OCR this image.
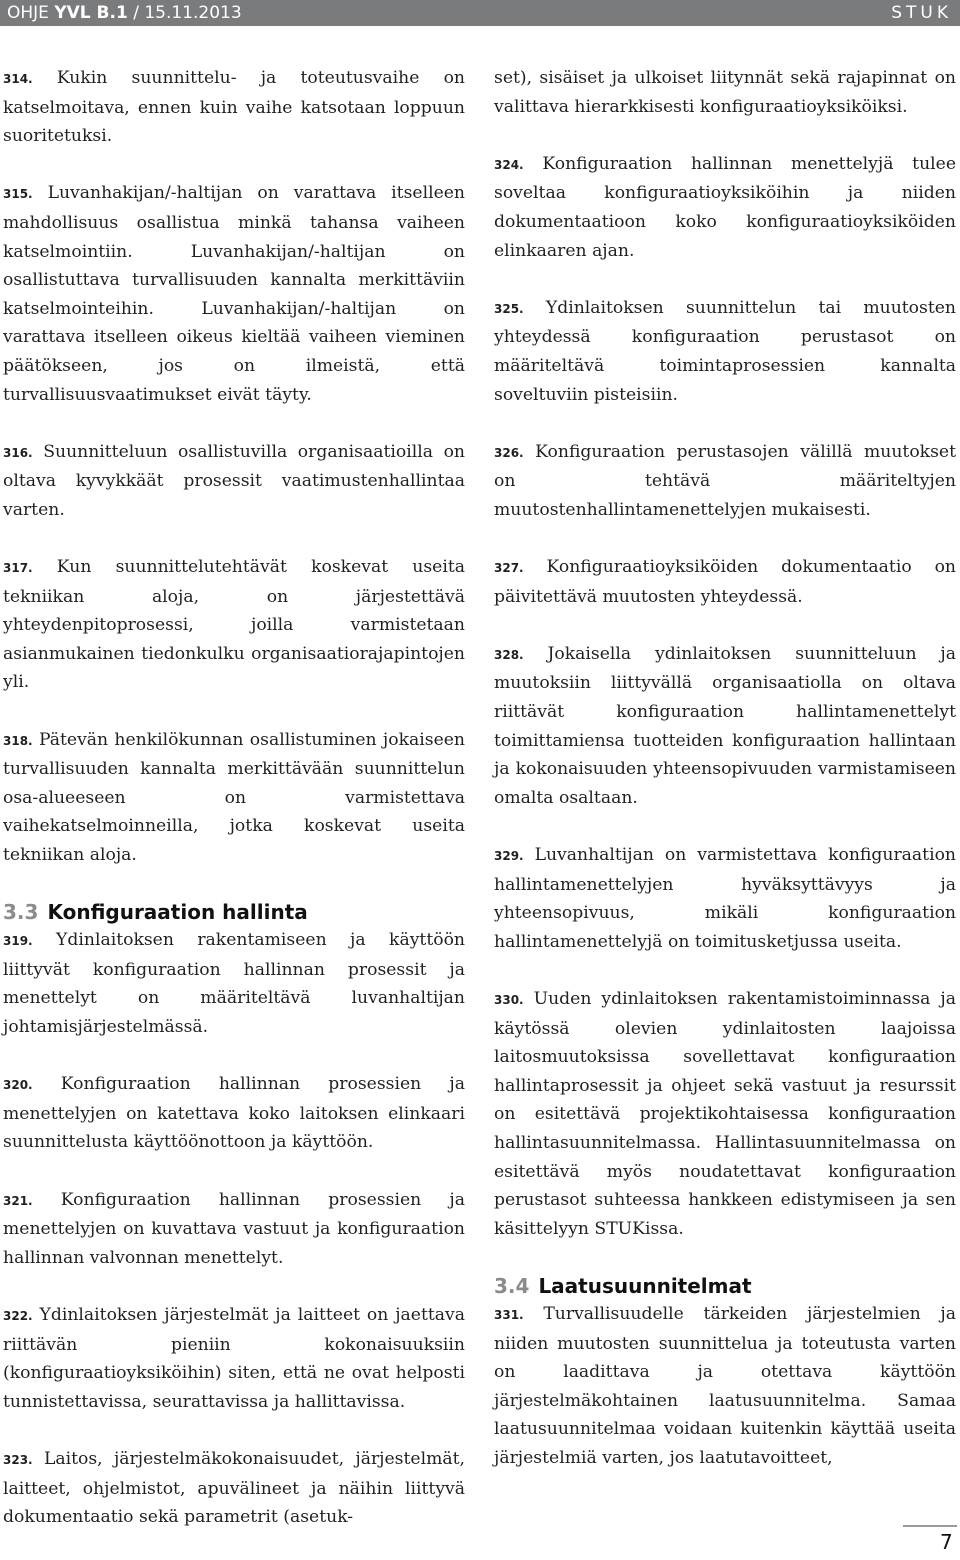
OHJE YVL B.1 / 15.11.2013	STUK

314. Kukin suunnittelu- ja toteutusvaihe on katselmoitava, ennen kuin vaihe katsotaan loppuun suoritetuksi.

315. Luvanhakijan/-haltijan on varattava itselleen mahdollisuus osallistua minkä tahansa vaiheen katselmointiin. Luvanhakijan/-haltijan on osallistuttava turvallisuuden kannalta merkittäviin katselmointeihin. Luvanhakijan/-haltijan on varattava itselleen oikeus kieltää vaiheen vieminen päätökseen, jos on ilmeistä, että turvallisuusvaatimukset eivät täyty.

316. Suunnitteluun osallistuvilla organisaatioilla on oltava kyvykkäät prosessit vaatimustenhallintaa varten.

317. Kun suunnittelutehtävät koskevat useita tekniikan aloja, on järjestettävä yhteydenpitoprosessi, joilla varmistetaan asianmukainen tiedonkulku organisaatiorajapintojen yli.

318. Pätevän henkilökunnan osallistuminen jokaiseen turvallisuuden kannalta merkittävään suunnittelun osa-alueeseen on varmistettava vaihekatselmoinneilla, jotka koskevat useita tekniikan aloja.

3.3 Konfiguraation hallinta

319. Ydinlaitoksen rakentamiseen ja käyttöön liittyvät konfiguraation hallinnan prosessit ja menettelyt on määriteltävä luvanhaltijan johtamisjärjestelmässä.

320. Konfiguraation hallinnan prosessien ja menettelyjen on katettava koko laitoksen elinkaari suunnittelusta käyttöönottoon ja käyttöön.

321. Konfiguraation hallinnan prosessien ja menettelyjen on kuvattava vastuut ja konfiguraation hallinnan valvonnan menettelyt.

322. Ydinlaitoksen järjestelmät ja laitteet on jaettava riittävän pieniin kokonaisuuksiin (konfiguraatioyksiköihin) siten, että ne ovat helposti tunnistettavissa, seurattavissa ja hallittavissa.

323. Laitos, järjestelmäkokonaisuudet, järjestelmät, laitteet, ohjelmistot, apuvälineet ja näihin liittyvä dokumentaatio sekä parametrit (asetuk-

set), sisäiset ja ulkoiset liitynnät sekä rajapinnat on valittava hierarkkisesti konfiguraatioyksiköiksi.

324. Konfiguraation hallinnan menettelyjä tulee soveltaa konfiguraatioyksiköihin ja niiden dokumentaatioon koko konfiguraatioyksiköiden elinkaaren ajan.

325. Ydinlaitoksen suunnittelun tai muutosten yhteydessä konfiguraation perustasot on määriteltävä toimintaprosessien kannalta soveltuviin pisteisiin.

326. Konfiguraation perustasojen välillä muutokset on tehtävä määriteltyjen muutostenhallintamenettelyjen mukaisesti.

327. Konfiguraatioyksiköiden dokumentaatio on päivitettävä muutosten yhteydessä.

328. Jokaisella ydinlaitoksen suunnitteluun ja muutoksiin liittyvällä organisaatiolla on oltava riittävät konfiguraation hallintamenettelyt toimittamiensa tuotteiden konfiguraation hallintaan ja kokonaisuuden yhteensopivuuden varmistamiseen omalta osaltaan.

329. Luvanhaltijan on varmistettava konfiguraation hallintamenettelyjen hyväksyttävyys ja yhteensopivuus, mikäli konfiguraation hallintamenettelyjä on toimitusketjussa useita.

330. Uuden ydinlaitoksen rakentamistoiminnassa ja käytössä olevien ydinlaitosten laajoissa laitosmuutoksissa sovellettavat konfiguraation hallintaprosessit ja ohjeet sekä vastuut ja resurssit on esitettävä projektikohtaisessa konfiguraation hallintasuunnitelmassa. Hallintasuunnitelmassa on esitettävä myös noudatettavat konfiguraation perustasot suhteessa hankkeen edistymiseen ja sen käsittelyyn STUKissa.

3.4 Laatusuunnitelmat

331. Turvallisuudelle tärkeiden järjestelmien ja niiden muutosten suunnittelua ja toteutusta varten on laadittava ja otettava käyttöön järjestelmäkohtainen laatusuunnitelma. Samaa laatusuunnitelmaa voidaan kuitenkin käyttää useita järjestelmiä varten, jos laatutavoitteet,

7
